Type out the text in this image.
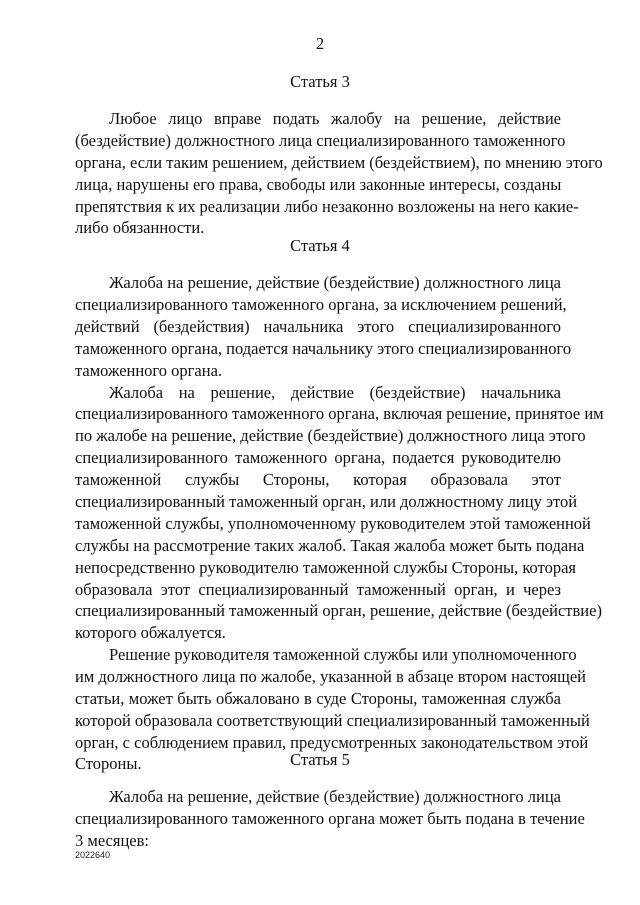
2
Статья 3
Любое лицо вправе подать жалобу на решение, действие
(бездействие) должностного лица специализированного таможенного
органа, если таким решением, действием (бездействием), по мнению этого
лица, нарушены его права, свободы или законные интересы, созданы
препятствия к их реализации либо незаконно возложены на него какие-
либо обязанности.
Статья 4
Жалоба на решение, действие (бездействие) должностного лица
специализированного таможенного органа, за исключением решений,
действий (бездействия) начальника этого специализированного
таможенного органа, подается начальнику этого специализированного
таможенного органа.
Жалоба на решение, действие (бездействие) начальника
специализированного таможенного органа, включая решение, принятое им
по жалобе на решение, действие (бездействие) должностного лица этого
специализированного таможенного органа, подается руководителю
таможенной службы Стороны, которая образовала этот
специализированный таможенный орган, или должностному лицу этой
таможенной службы, уполномоченному руководителем этой таможенной
службы на рассмотрение таких жалоб. Такая жалоба может быть подана
непосредственно руководителю таможенной службы Стороны, которая
образовала этот специализированный таможенный орган, и через
специализированный таможенный орган, решение, действие (бездействие)
которого обжалуется.
Решение руководителя таможенной службы или уполномоченного
им должностного лица по жалобе, указанной в абзаце втором настоящей
статьи, может быть обжаловано в суде Стороны, таможенная служба
которой образовала соответствующий специализированный таможенный
орган, с соблюдением правил, предусмотренных законодательством этой
Стороны.	Статья 5
Жалоба на решение, действие (бездействие) должностного лица
специализированного таможенного органа может быть подана в течение
3 месяцев:
2022640
